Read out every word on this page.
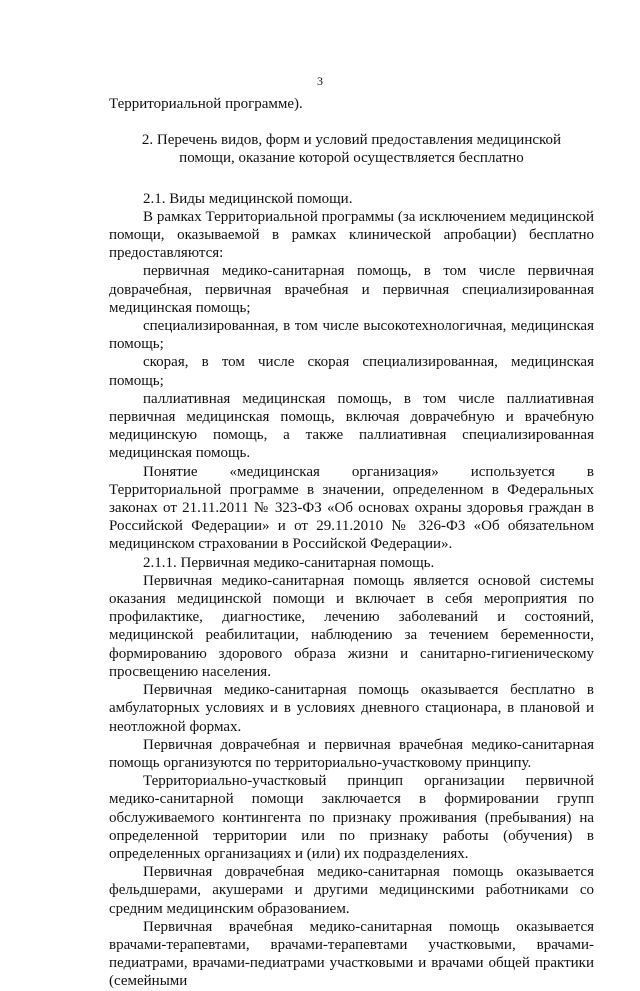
3

Территориальной программе).

2. Перечень видов, форм и условий предоставления медицинской помощи, оказание которой осуществляется бесплатно

2.1. Виды медицинской помощи.

В рамках Территориальной программы (за исключением медицинской помощи, оказываемой в рамках клинической апробации) бесплатно предоставляются:

первичная медико-санитарная помощь, в том числе первичная доврачебная, первичная врачебная и первичная специализированная медицинская помощь;

специализированная, в том числе высокотехнологичная, медицинская помощь;

скорая, в том числе скорая специализированная, медицинская помощь;

паллиативная медицинская помощь, в том числе паллиативная первичная медицинская помощь, включая доврачебную и врачебную медицинскую помощь, а также паллиативная специализированная медицинская помощь.

Понятие «медицинская организация» используется в Территориальной программе в значении, определенном в Федеральных законах от 21.11.2011 № 323-ФЗ «Об основах охраны здоровья граждан в Российской Федерации» и от 29.11.2010 № 326-ФЗ «Об обязательном медицинском страховании в Российской Федерации».

2.1.1. Первичная медико-санитарная помощь.

Первичная медико-санитарная помощь является основой системы оказания медицинской помощи и включает в себя мероприятия по профилактике, диагностике, лечению заболеваний и состояний, медицинской реабилитации, наблюдению за течением беременности, формированию здорового образа жизни и санитарно-гигиеническому просвещению населения.

Первичная медико-санитарная помощь оказывается бесплатно в амбулаторных условиях и в условиях дневного стационара, в плановой и неотложной формах.

Первичная доврачебная и первичная врачебная медико-санитарная помощь организуются по территориально-участковому принципу.

Территориально-участковый принцип организации первичной медико-санитарной помощи заключается в формировании групп обслуживаемого контингента по признаку проживания (пребывания) на определенной территории или по признаку работы (обучения) в определенных организациях и (или) их подразделениях.

Первичная доврачебная медико-санитарная помощь оказывается фельдшерами, акушерами и другими медицинскими работниками со средним медицинским образованием.

Первичная врачебная медико-санитарная помощь оказывается врачами-терапевтами, врачами-терапевтами участковыми, врачами-педиатрами, врачами-педиатрами участковыми и врачами общей практики (семейными
